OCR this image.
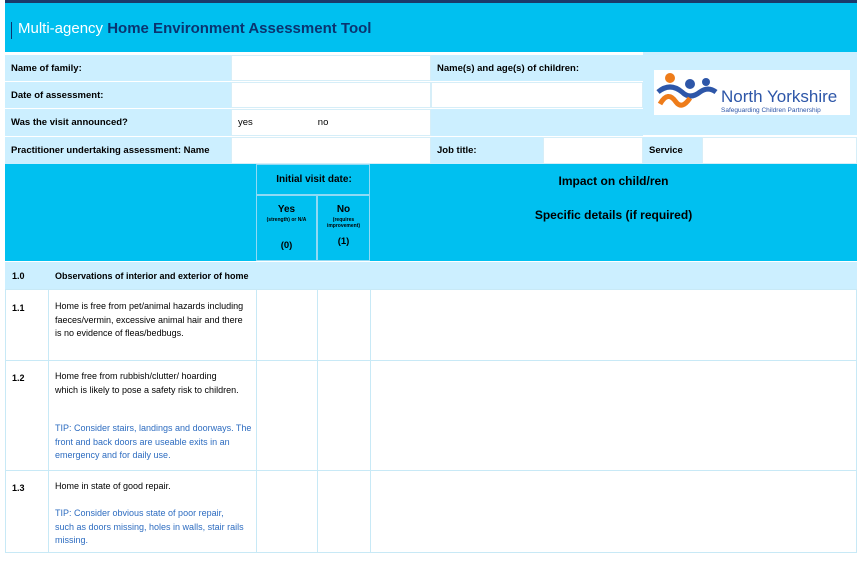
Multi-agency Home Environment Assessment Tool
Name of family:	Name(s) and age(s) of children:
Date of assessment:
Was the visit announced?	yes	no
North Yorkshire
Safeguarding Children Partnership
Practitioner undertaking assessment: Name	Job title:	Service
Initial visit date:
Yes
(strength) or N/A
(0)
No
(requires improvement)
(1)
Impact on child/ren
Specific details (if required)
1.0	Observations of interior and exterior of home
1.1	Home is free from pet/animal hazards including faeces/vermin, excessive animal hair and there is no evidence of fleas/bedbugs.
1.2	Home free from rubbish/clutter/ hoarding which is likely to pose a safety risk to children.
TIP: Consider stairs, landings and doorways. The front and back doors are useable exits in an emergency and for daily use.
1.3	Home in state of good repair.
TIP: Consider obvious state of poor repair, such as doors missing, holes in walls, stair rails missing.
